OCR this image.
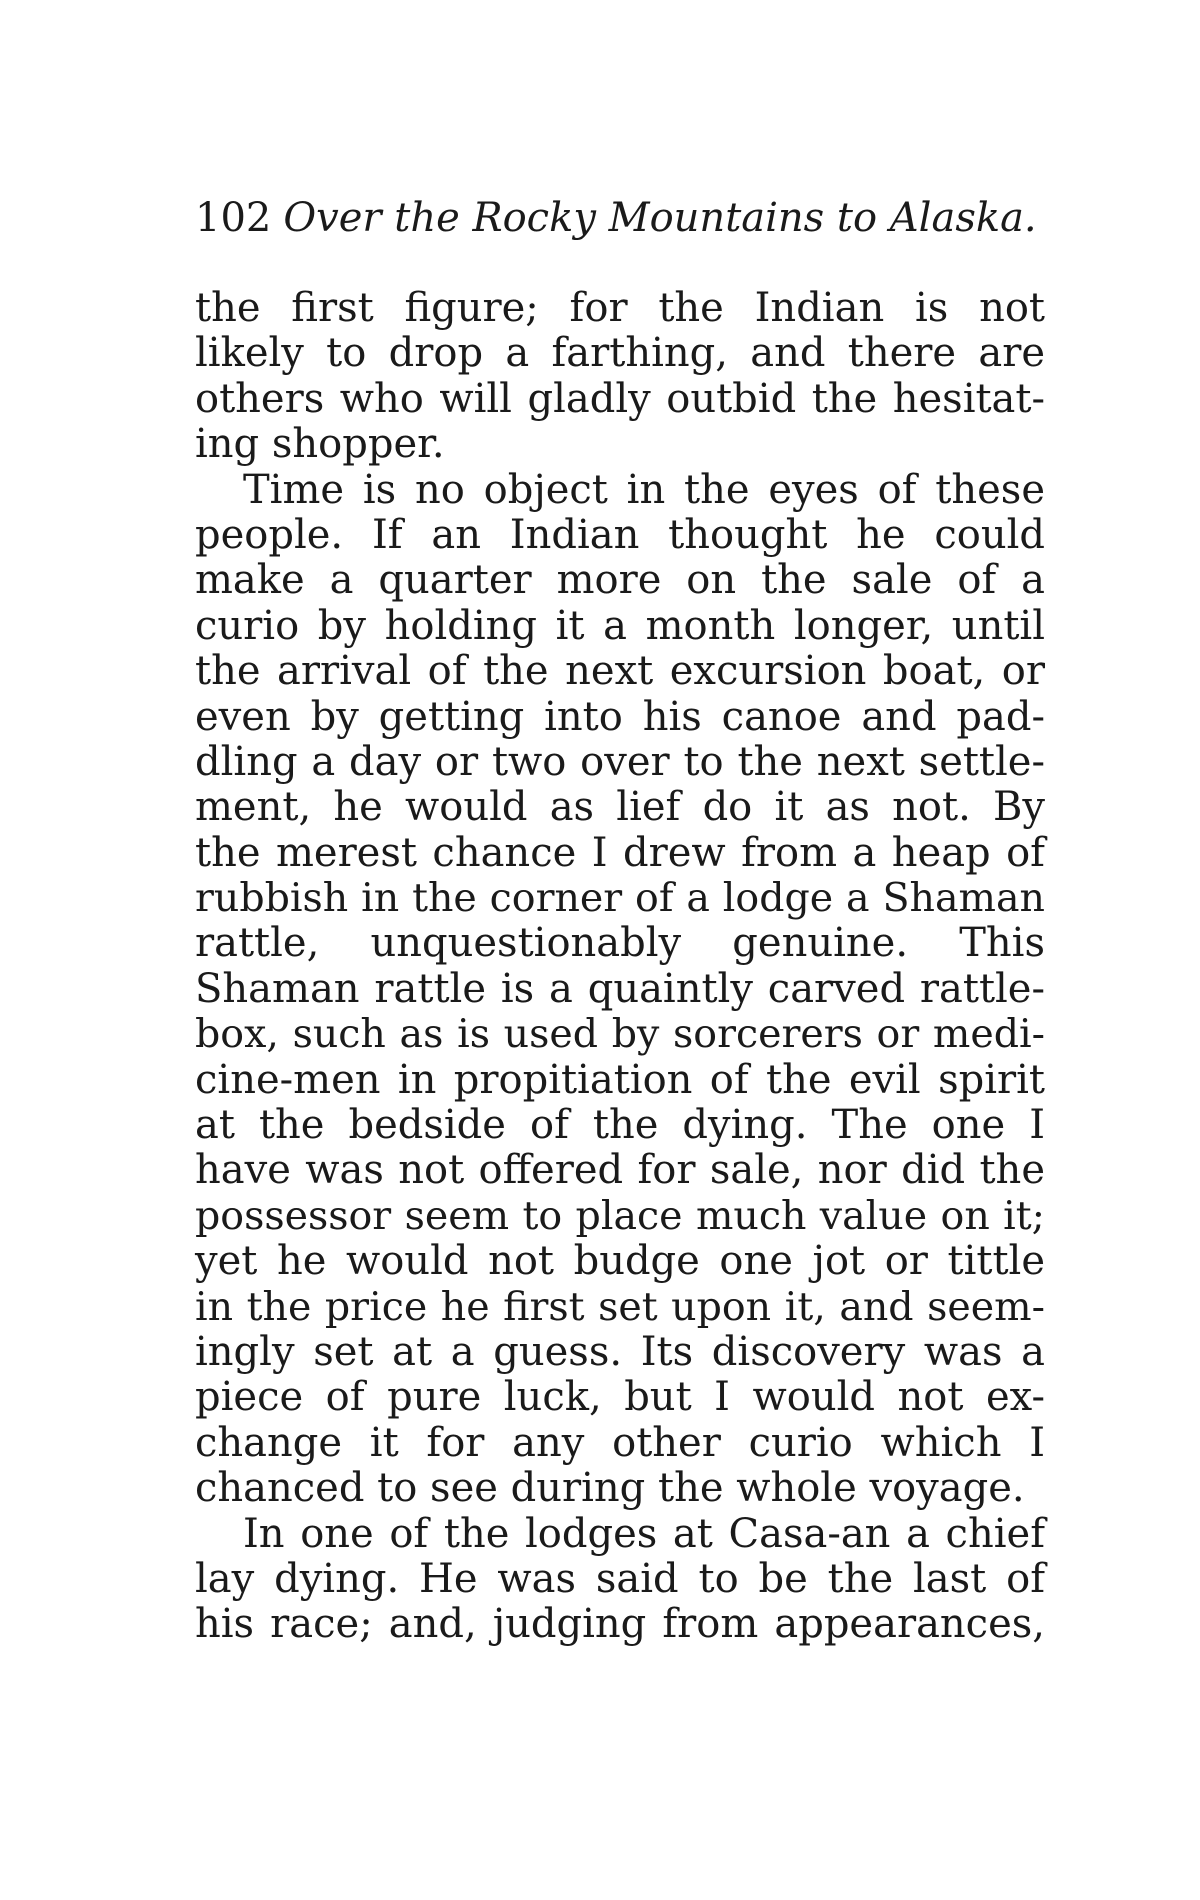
102 Over the Rocky Mountains to Alaska.
the first figure; for the Indian is not
likely to drop a farthing, and there are
others who will gladly outbid the hesitat-
ing shopper.
Time is no object in the eyes of these
people. If an Indian thought he could
make a quarter more on the sale of a
curio by holding it a month longer, until
the arrival of the next excursion boat, or
even by getting into his canoe and pad-
dling a day or two over to the next settle-
ment, he would as lief do it as not. By
the merest chance I drew from a heap of
rubbish in the corner of a lodge a Shaman
rattle, unquestionably genuine. This
Shaman rattle is a quaintly carved rattle-
box, such as is used by sorcerers or medi-
cine-men in propitiation of the evil spirit
at the bedside of the dying. The one I
have was not offered for sale, nor did the
possessor seem to place much value on it;
yet he would not budge one jot or tittle
in the price he first set upon it, and seem-
ingly set at a guess. Its discovery was a
piece of pure luck, but I would not ex-
change it for any other curio which I
chanced to see during the whole voyage.
In one of the lodges at Casa-an a chief
lay dying. He was said to be the last of
his race; and, judging from appearances,
